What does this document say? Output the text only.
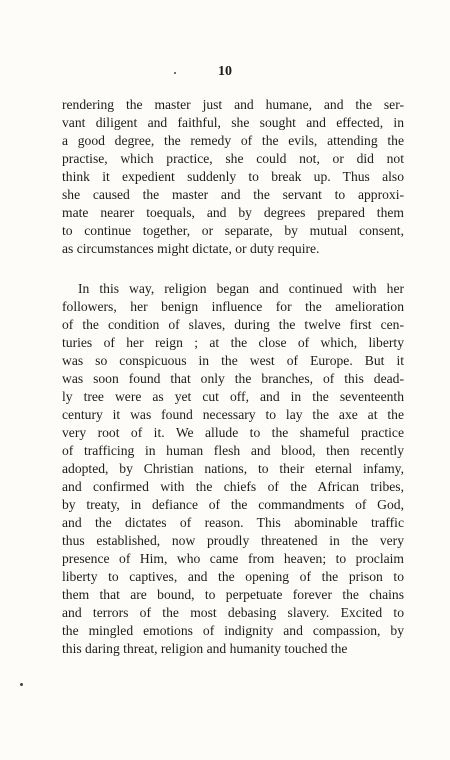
10
rendering the master just and humane, and the ser-
vant diligent and faithful, she sought and effected, in
a good degree, the remedy of the evils, attending the
practise, which practice, she could not, or did not
think it expedient suddenly to break up. Thus also
she caused the master and the servant to approxi-
mate nearer toequals, and by degrees prepared them
to continue together, or separate, by mutual consent,
as circumstances might dictate, or duty require.
In this way, religion began and continued with her
followers, her benign influence for the amelioration
of the condition of slaves, during the twelve first cen-
turies of her reign ; at the close of which, liberty
was so conspicuous in the west of Europe. But it
was soon found that only the branches, of this dead-
ly tree were as yet cut off, and in the seventeenth
century it was found necessary to lay the axe at the
very root of it. We allude to the shameful practice
of trafficing in human flesh and blood, then recently
adopted, by Christian nations, to their eternal infamy,
and confirmed with the chiefs of the African tribes,
by treaty, in defiance of the commandments of God,
and the dictates of reason. This abominable traffic
thus established, now proudly threatened in the very
presence of Him, who came from heaven; to proclaim
liberty to captives, and the opening of the prison to
them that are bound, to perpetuate forever the chains
and terrors of the most debasing slavery. Excited to
the mingled emotions of indignity and compassion, by
this daring threat, religion and humanity touched the
